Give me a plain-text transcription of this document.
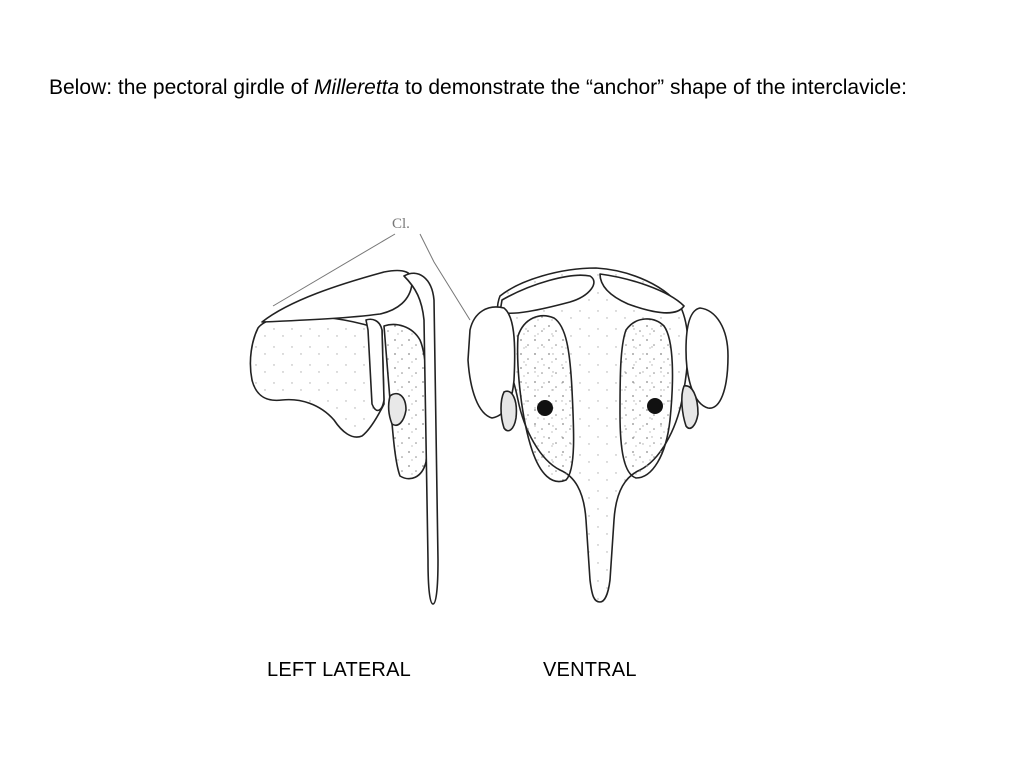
Below: the pectoral girdle of Milleretta to demonstrate the “anchor” shape of the interclavicle:
Cl.
LEFT LATERAL	VENTRAL
